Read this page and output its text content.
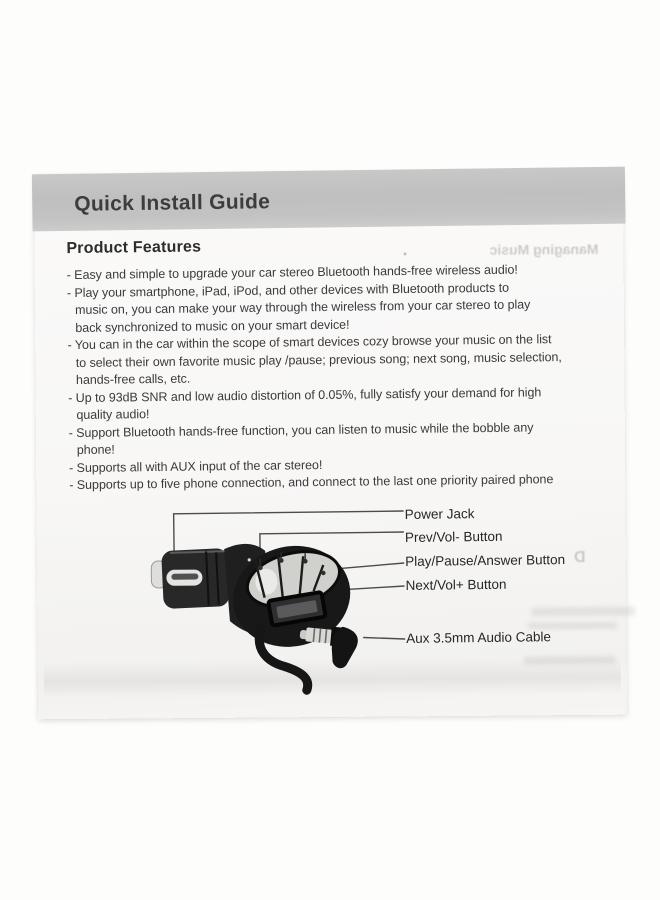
Quick Install Guide
Managing Music
D
Product Features
- Easy and simple to upgrade your car stereo Bluetooth hands-free wireless audio!
- Play your smartphone, iPad, iPod, and other devices with Bluetooth products to
music on, you can make your way through the wireless from your car stereo to play
back synchronized to music on your smart device!
- You can in the car within the scope of smart devices cozy browse your music on the list
to select their own favorite music play /pause; previous song; next song, music selection,
hands-free calls, etc.
- Up to 93dB SNR and low audio distortion of 0.05%, fully satisfy your demand for high
quality audio!
- Support Bluetooth hands-free function, you can listen to music while the bobble any
phone!
- Supports all with AUX input of the car stereo!
- Supports up to five phone connection, and connect to the last one priority paired phone
Power Jack
Prev/Vol- Button
Play/Pause/Answer Button
Next/Vol+ Button
Aux 3.5mm Audio Cable
